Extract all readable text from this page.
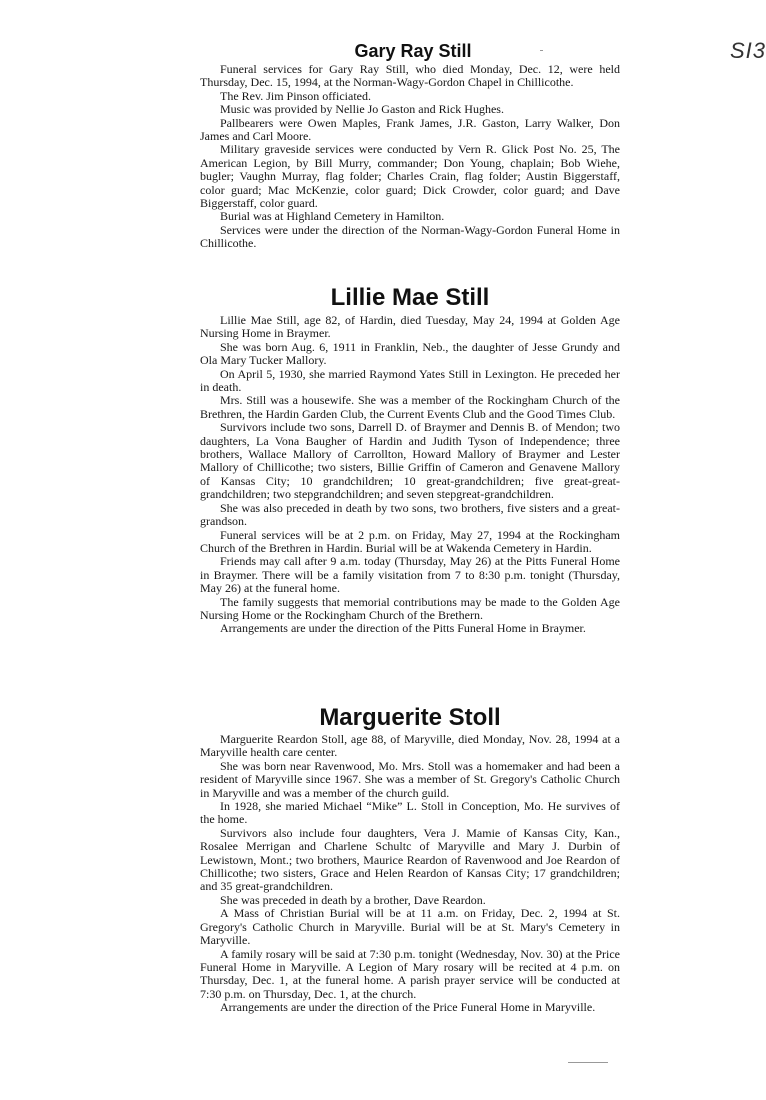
SI3
Gary Ray Still

Funeral services for Gary Ray Still, who died Monday, Dec. 12, were held Thursday, Dec. 15, 1994, at the Norman-Wagy-Gordon Chapel in Chillicothe.

The Rev. Jim Pinson officiated.

Music was provided by Nellie Jo Gaston and Rick Hughes.

Pallbearers were Owen Maples, Frank James, J.R. Gaston, Larry Walker, Don James and Carl Moore.

Military graveside services were conducted by Vern R. Glick Post No. 25, The American Legion, by Bill Murry, commander; Don Young, chaplain; Bob Wiehe, bugler; Vaughn Murray, flag folder; Charles Crain, flag folder; Austin Biggerstaff, color guard; Mac McKenzie, color guard; Dick Crowder, color guard; and Dave Biggerstaff, color guard.

Burial was at Highland Cemetery in Hamilton.

Services were under the direction of the Norman-Wagy-Gordon Funeral Home in Chillicothe.

Lillie Mae Still

Lillie Mae Still, age 82, of Hardin, died Tuesday, May 24, 1994 at Golden Age Nursing Home in Braymer.

She was born Aug. 6, 1911 in Franklin, Neb., the daughter of Jesse Grundy and Ola Mary Tucker Mallory.

On April 5, 1930, she married Raymond Yates Still in Lexington. He preceded her in death.

Mrs. Still was a housewife. She was a member of the Rockingham Church of the Brethren, the Hardin Garden Club, the Current Events Club and the Good Times Club.

Survivors include two sons, Darrell D. of Braymer and Dennis B. of Mendon; two daughters, La Vona Baugher of Hardin and Judith Tyson of Independence; three brothers, Wallace Mallory of Carrollton, Howard Mallory of Braymer and Lester Mallory of Chillicothe; two sisters, Billie Griffin of Cameron and Genavene Mallory of Kansas City; 10 grandchildren; 10 great-grandchildren; five great-great-grandchildren; two stepgrandchildren; and seven stepgreat-grandchildren.

She was also preceded in death by two sons, two brothers, five sisters and a great-grandson.

Funeral services will be at 2 p.m. on Friday, May 27, 1994 at the Rockingham Church of the Brethren in Hardin. Burial will be at Wakenda Cemetery in Hardin.

Friends may call after 9 a.m. today (Thursday, May 26) at the Pitts Funeral Home in Braymer. There will be a family visitation from 7 to 8:30 p.m. tonight (Thursday, May 26) at the funeral home.

The family suggests that memorial contributions may be made to the Golden Age Nursing Home or the Rockingham Church of the Brethern.

Arrangements are under the direction of the Pitts Funeral Home in Braymer.

Marguerite Stoll

Marguerite Reardon Stoll, age 88, of Maryville, died Monday, Nov. 28, 1994 at a Maryville health care center.

She was born near Ravenwood, Mo. Mrs. Stoll was a homemaker and had been a resident of Maryville since 1967. She was a member of St. Gregory's Catholic Church in Maryville and was a member of the church guild.

In 1928, she maried Michael “Mike” L. Stoll in Conception, Mo. He survives of the home.

Survivors also include four daughters, Vera J. Mamie of Kansas City, Kan., Rosalee Merrigan and Charlene Schultc of Maryville and Mary J. Durbin of Lewistown, Mont.; two brothers, Maurice Reardon of Ravenwood and Joe Reardon of Chillicothe; two sisters, Grace and Helen Reardon of Kansas City; 17 grandchildren; and 35 great-grandchildren.

She was preceded in death by a brother, Dave Reardon.

A Mass of Christian Burial will be at 11 a.m. on Friday, Dec. 2, 1994 at St. Gregory's Catholic Church in Maryville. Burial will be at St. Mary's Cemetery in Maryville.

A family rosary will be said at 7:30 p.m. tonight (Wednesday, Nov. 30) at the Price Funeral Home in Maryville. A Legion of Mary rosary will be recited at 4 p.m. on Thursday, Dec. 1, at the funeral home. A parish prayer service will be conducted at 7:30 p.m. on Thursday, Dec. 1, at the church.

Arrangements are under the direction of the Price Funeral Home in Maryville.
